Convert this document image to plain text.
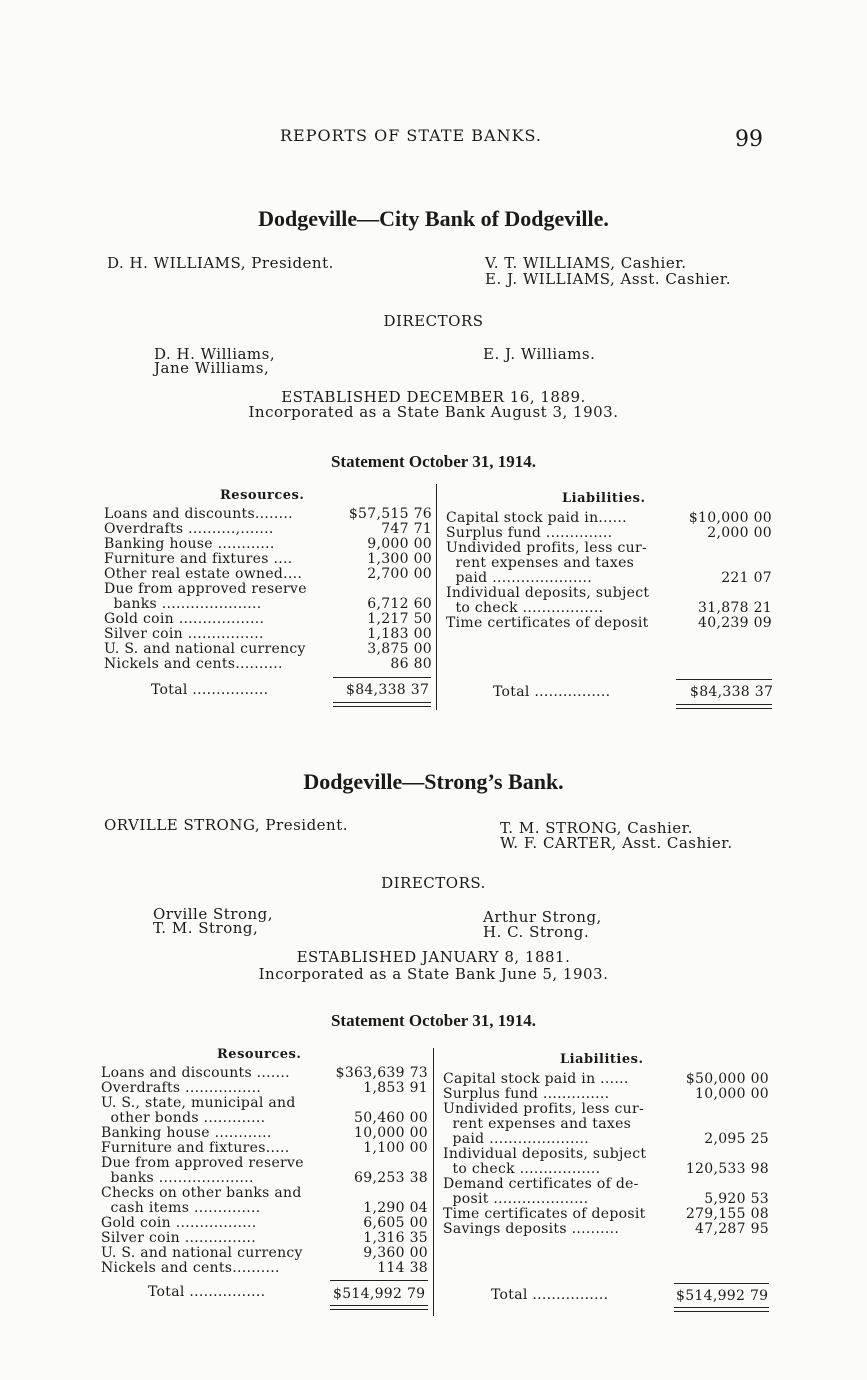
REPORTS OF STATE BANKS.	99
Dodgeville—City Bank of Dodgeville.
D. H. WILLIAMS, President.	V. T. WILLIAMS, Cashier.
E. J. WILLIAMS, Asst. Cashier.
DIRECTORS
D. H. Williams,
Jane Williams,
E. J. Williams.
ESTABLISHED DECEMBER 16, 1889.
Incorporated as a State Bank August 3, 1903.
Statement October 31, 1914.
Resources.	Liabilities.
Loans and discounts........	$57,515 76
Overdrafts ..........,.......	747 71
Banking house ............	9,000 00
Furniture and fixtures ....	1,300 00
Other real estate owned....	2,700 00
Due from approved reserve
banks .....................	6,712 60
Gold coin ..................	1,217 50
Silver coin ................	1,183 00
U. S. and national currency	3,875 00
Nickels and cents..........	86 80
Capital stock paid in......	$10,000 00
Surplus fund ..............	2,000 00
Undivided profits, less cur-
rent expenses and taxes
paid .....................	221 07
Individual deposits, subject
to check .................	31,878 21
Time certificates of deposit	40,239 09
Total ................	$84,338 37	Total ................	$84,338 37
Dodgeville—Strong’s Bank.
ORVILLE STRONG, President.	T. M. STRONG, Cashier.
W. F. CARTER, Asst. Cashier.
DIRECTORS.
Orville Strong,
T. M. Strong,
Arthur Strong,
H. C. Strong.
ESTABLISHED JANUARY 8, 1881.
Incorporated as a State Bank June 5, 1903.
Statement October 31, 1914.
Resources.	Liabilities.
Loans and discounts .......	$363,639 73
Overdrafts ................	1,853 91
U. S., state, municipal and
other bonds .............	50,460 00
Banking house ............	10,000 00
Furniture and fixtures.....	1,100 00
Due from approved reserve
banks ....................	69,253 38
Checks on other banks and
cash items ..............	1,290 04
Gold coin .................	6,605 00
Silver coin ...............	1,316 35
U. S. and national currency	9,360 00
Nickels and cents..........	114 38
Capital stock paid in ......	$50,000 00
Surplus fund ..............	10,000 00
Undivided profits, less cur-
rent expenses and taxes
paid .....................	2,095 25
Individual deposits, subject
to check .................	120,533 98
Demand certificates of de-
posit ....................	5,920 53
Time certificates of deposit	279,155 08
Savings deposits ..........	47,287 95
Total ................	$514,992 79	Total ................	$514,992 79
